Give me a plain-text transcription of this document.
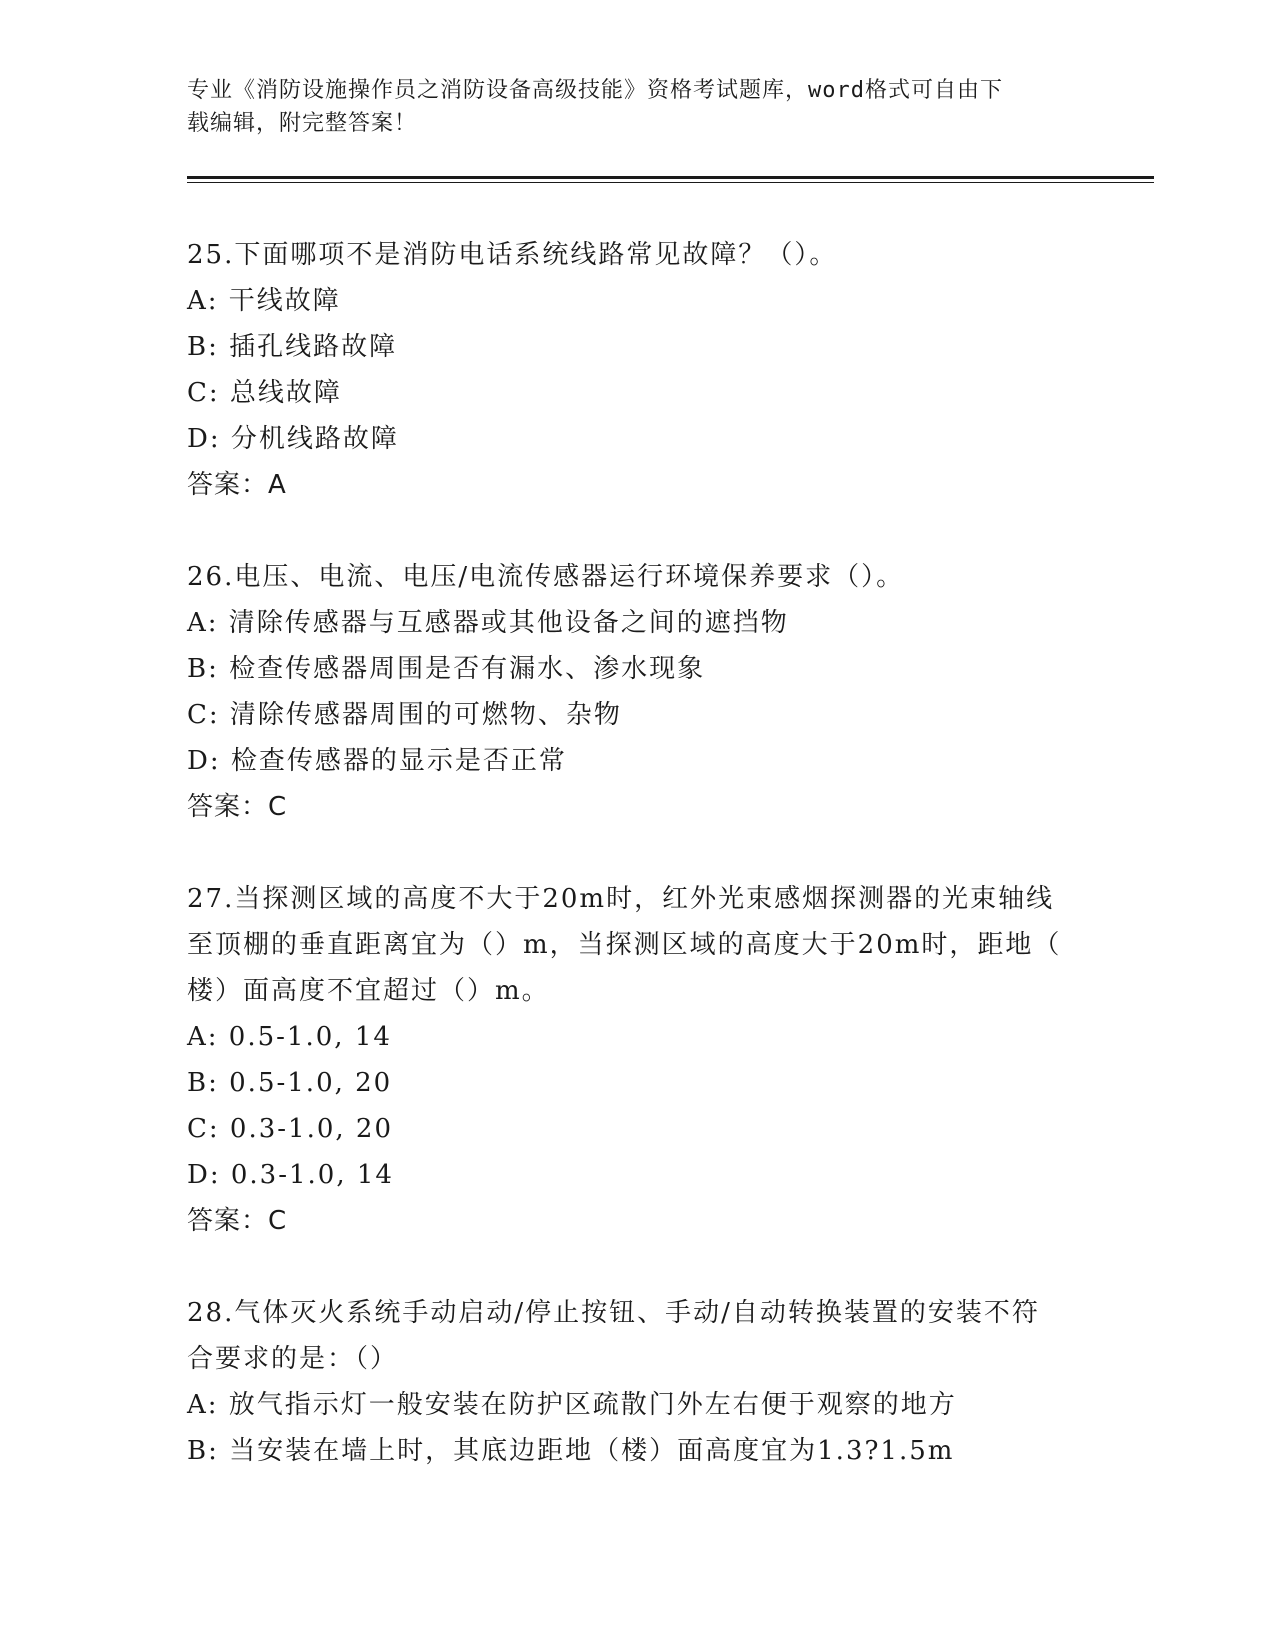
专业《消防设施操作员之消防设备高级技能》资格考试题库，word格式可自由下
载编辑，附完整答案！

25.下面哪项不是消防电话系统线路常见故障？（）。

A: 干线故障

B: 插孔线路故障

C: 总线故障

D: 分机线路故障

答案：A

26.电压、电流、电压/电流传感器运行环境保养要求（）。

A: 清除传感器与互感器或其他设备之间的遮挡物

B: 检查传感器周围是否有漏水、渗水现象

C: 清除传感器周围的可燃物、杂物

D: 检查传感器的显示是否正常

答案：C

27.当探测区域的高度不大于20m时，红外光束感烟探测器的光束轴线

至顶棚的垂直距离宜为（）m，当探测区域的高度大于20m时，距地（

楼）面高度不宜超过（）m。

A: 0.5-1.0, 14

B: 0.5-1.0, 20

C: 0.3-1.0, 20

D: 0.3-1.0, 14

答案：C

28.气体灭火系统手动启动/停止按钮、手动/自动转换装置的安装不符

合要求的是：（）

A: 放气指示灯一般安装在防护区疏散门外左右便于观察的地方

B: 当安装在墙上时，其底边距地（楼）面高度宜为1.3?1.5m
